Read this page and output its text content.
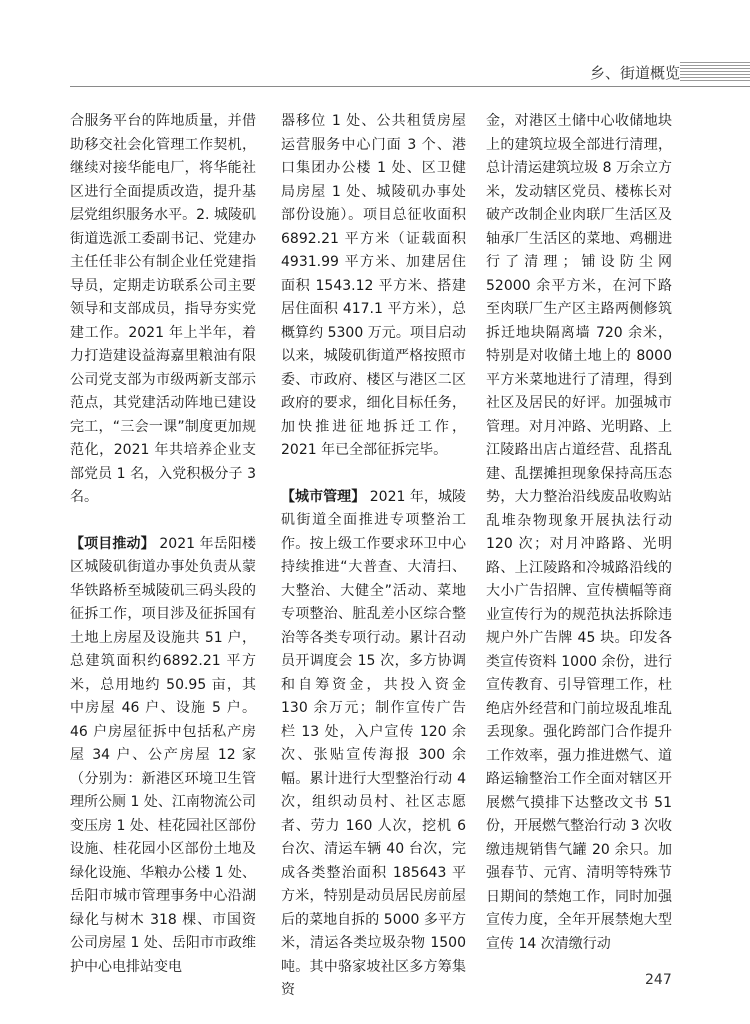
乡、街道概览

合服务平台的阵地质量，并借助移交社会化管理工作契机，继续对接华能电厂，将华能社区进行全面提质改造，提升基层党组织服务水平。2. 城陵矶街道选派工委副书记、党建办主任任非公有制企业任党建指导员，定期走访联系公司主要领导和支部成员，指导夯实党建工作。2021 年上半年，着力打造建设益海嘉里粮油有限公司党支部为市级两新支部示范点，其党建活动阵地已建设完工，“三会一课”制度更加规范化，2021 年共培养企业支部党员 1 名，入党积极分子 3 名。

【项目推动】 2021 年岳阳楼区城陵矶街道办事处负责从蒙华铁路桥至城陵矶三码头段的征拆工作，项目涉及征拆国有土地上房屋及设施共 51 户，总建筑面积约6892.21 平方米，总用地约 50.95 亩，其中房屋 46 户、设施 5 户。46 户房屋征拆中包括私产房屋 34 户、公产房屋 12 家（分别为：新港区环境卫生管理所公厕 1 处、江南物流公司变压房 1 处、桂花园社区部份设施、桂花园小区部份土地及绿化设施、华粮办公楼 1 处、岳阳市城市管理事务中心沿湖绿化与树木 318 棵、市国资公司房屋 1 处、岳阳市市政维护中心电排站变电

器移位 1 处、公共租赁房屋运营服务中心门面 3 个、港口集团办公楼 1 处、区卫健局房屋 1 处、城陵矶办事处部份设施）。项目总征收面积 6892.21 平方米（证载面积 4931.99 平方米、加建居住面积 1543.12 平方米、搭建居住面积 417.1 平方米），总概算约 5300 万元。项目启动以来，城陵矶街道严格按照市委、市政府、楼区与港区二区政府的要求，细化目标任务，加快推进征地拆迁工作，2021 年已全部征拆完毕。

【城市管理】 2021 年，城陵矶街道全面推进专项整治工作。按上级工作要求环卫中心持续推进“大普查、大清扫、大整治、大健全”活动、菜地专项整治、脏乱差小区综合整治等各类专项行动。累计召动员开调度会 15 次，多方协调和自筹资金，共投入资金 130 余万元；制作宣传广告栏 13 处，入户宣传 120 余次、张贴宣传海报 300 余幅。累计进行大型整治行动 4 次，组织动员村、社区志愿者、劳力 160 人次，挖机 6 台次、清运车辆 40 台次，完成各类整治面积 185643 平方米，特别是动员居民房前屋后的菜地自拆的 5000 多平方米，清运各类垃圾杂物 1500 吨。其中骆家坡社区多方筹集资

金，对港区土储中心收储地块上的建筑垃圾全部进行清理，总计清运建筑垃圾 8 万余立方米，发动辖区党员、楼栋长对破产改制企业肉联厂生活区及轴承厂生活区的菜地、鸡棚进行了清理；铺设防尘网 52000 余平方米，在河下路至肉联厂生产区主路两侧修筑拆迁地块隔离墙 720 余米，特别是对收储土地上的 8000 平方米菜地进行了清理，得到社区及居民的好评。加强城市管理。对月冲路、光明路、上江陵路出店占道经营、乱搭乱建、乱摆摊担现象保持高压态势，大力整治沿线废品收购站乱堆杂物现象开展执法行动 120 次；对月冲路路、光明路、上江陵路和冷城路沿线的大小广告招牌、宣传横幅等商业宣传行为的规范执法拆除违规户外广告牌 45 块。印发各类宣传资料 1000 余份，进行宣传教育、引导管理工作，杜绝店外经营和门前垃圾乱堆乱丢现象。强化跨部门合作提升工作效率，强力推进燃气、道路运输整治工作全面对辖区开展燃气摸排下达整改文书 51 份，开展燃气整治行动 3 次收缴违规销售气罐 20 余只。加强春节、元宵、清明等特殊节日期间的禁炮工作，同时加强宣传力度，全年开展禁炮大型宣传 14 次清缴行动

247
